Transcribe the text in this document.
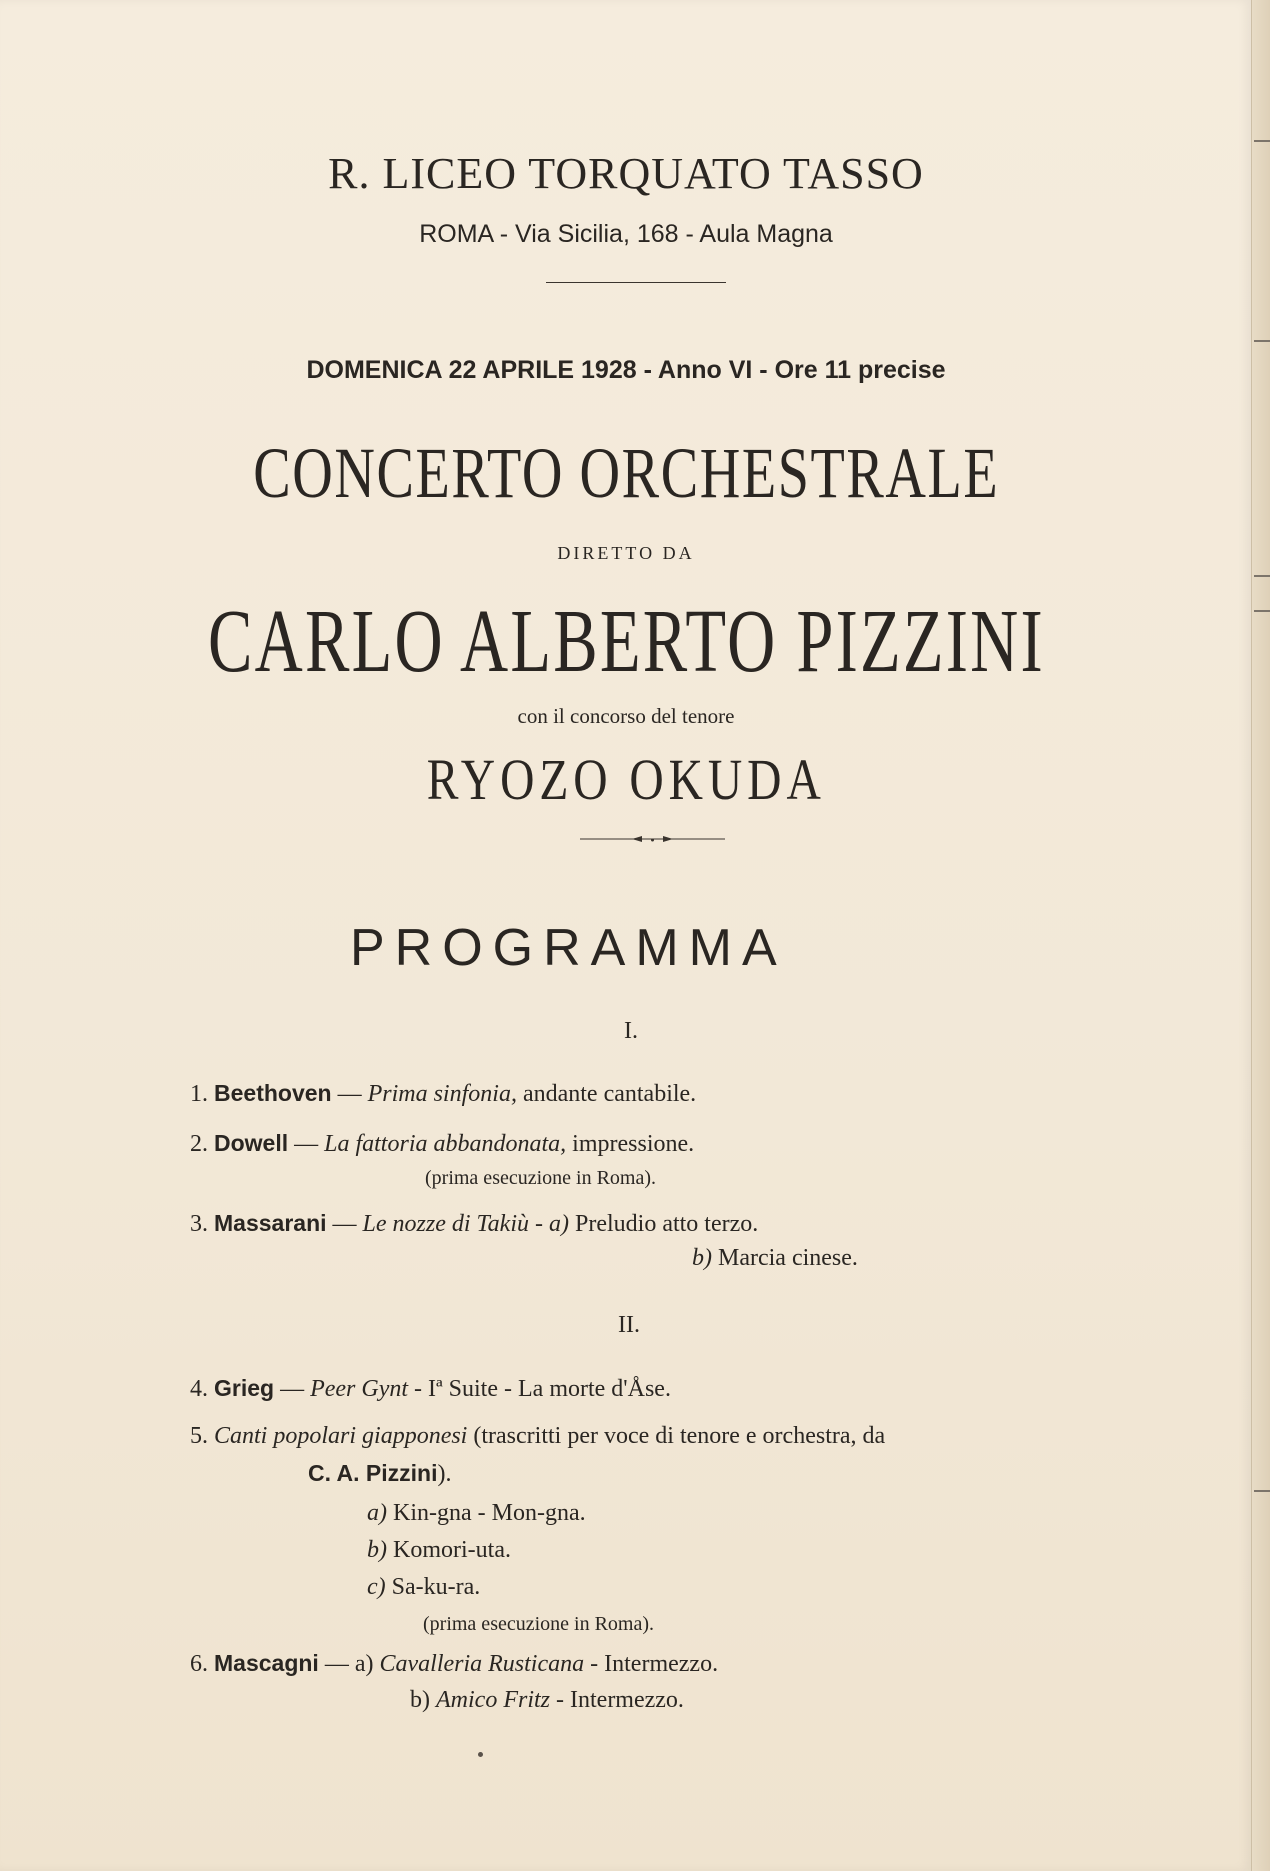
R. LICEO TORQUATO TASSO
ROMA - Via Sicilia, 168 - Aula Magna
DOMENICA 22 APRILE 1928 - Anno VI - Ore 11 precise
CONCERTO ORCHESTRALE
DIRETTO DA
CARLO ALBERTO PIZZINI
con il concorso del tenore
RYOZO OKUDA
PROGRAMMA
I.
1. Beethoven — Prima sinfonia, andante cantabile.
2. Dowell — La fattoria abbandonata, impressione.
(prima esecuzione in Roma).
3. Massarani — Le nozze di Takiù - a) Preludio atto terzo.
b) Marcia cinese.
II.
4. Grieg — Peer Gynt - Iª Suite - La morte d'Åse.
5. Canti popolari giapponesi (trascritti per voce di tenore e orchestra, da
C. A. Pizzini).
a) Kin-gna - Mon-gna.
b) Komori-uta.
c) Sa-ku-ra.
(prima esecuzione in Roma).
6. Mascagni — a) Cavalleria Rusticana - Intermezzo.
b) Amico Fritz - Intermezzo.
